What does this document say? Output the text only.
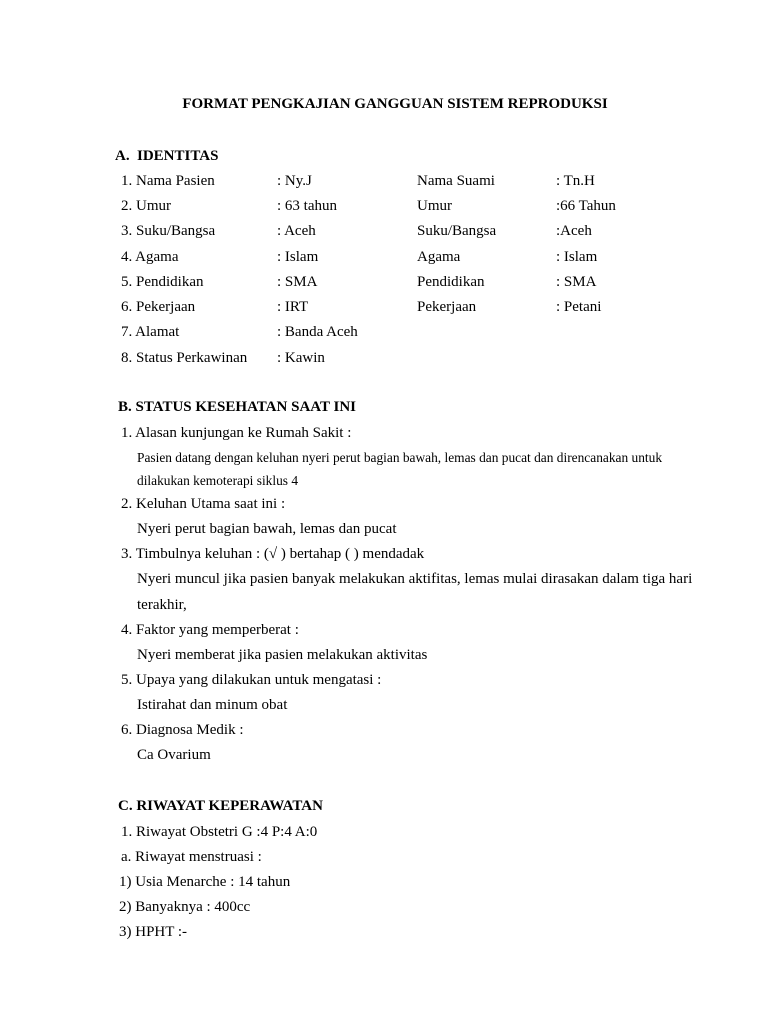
FORMAT PENGKAJIAN GANGGUAN SISTEM REPRODUKSI
A. IDENTITAS
1. Nama Pasien	: Ny.J	Nama Suami	: Tn.H
2. Umur	: 63 tahun	Umur	:66 Tahun
3. Suku/Bangsa	: Aceh	Suku/Bangsa	:Aceh
4. Agama	: Islam	Agama	: Islam
5. Pendidikan	: SMA	Pendidikan	: SMA
6. Pekerjaan	: IRT	Pekerjaan	: Petani
7. Alamat	: Banda Aceh
8. Status Perkawinan : Kawin
B. STATUS KESEHATAN SAAT INI
1. Alasan kunjungan ke Rumah Sakit :
Pasien datang dengan keluhan nyeri perut bagian bawah, lemas dan pucat dan direncanakan untuk
dilakukan kemoterapi siklus 4
2. Keluhan Utama saat ini :
Nyeri perut bagian bawah, lemas dan pucat
3. Timbulnya keluhan : (√ ) bertahap ( ) mendadak
Nyeri muncul jika pasien banyak melakukan aktifitas, lemas mulai dirasakan dalam tiga hari
terakhir,
4. Faktor yang memperberat :
Nyeri memberat jika pasien melakukan aktivitas
5. Upaya yang dilakukan untuk mengatasi :
Istirahat dan minum obat
6. Diagnosa Medik :
Ca Ovarium
C. RIWAYAT KEPERAWATAN
1. Riwayat Obstetri G :4 P:4 A:0
a. Riwayat menstruasi :
1) Usia Menarche : 14 tahun
2) Banyaknya : 400cc
3) HPHT :-
